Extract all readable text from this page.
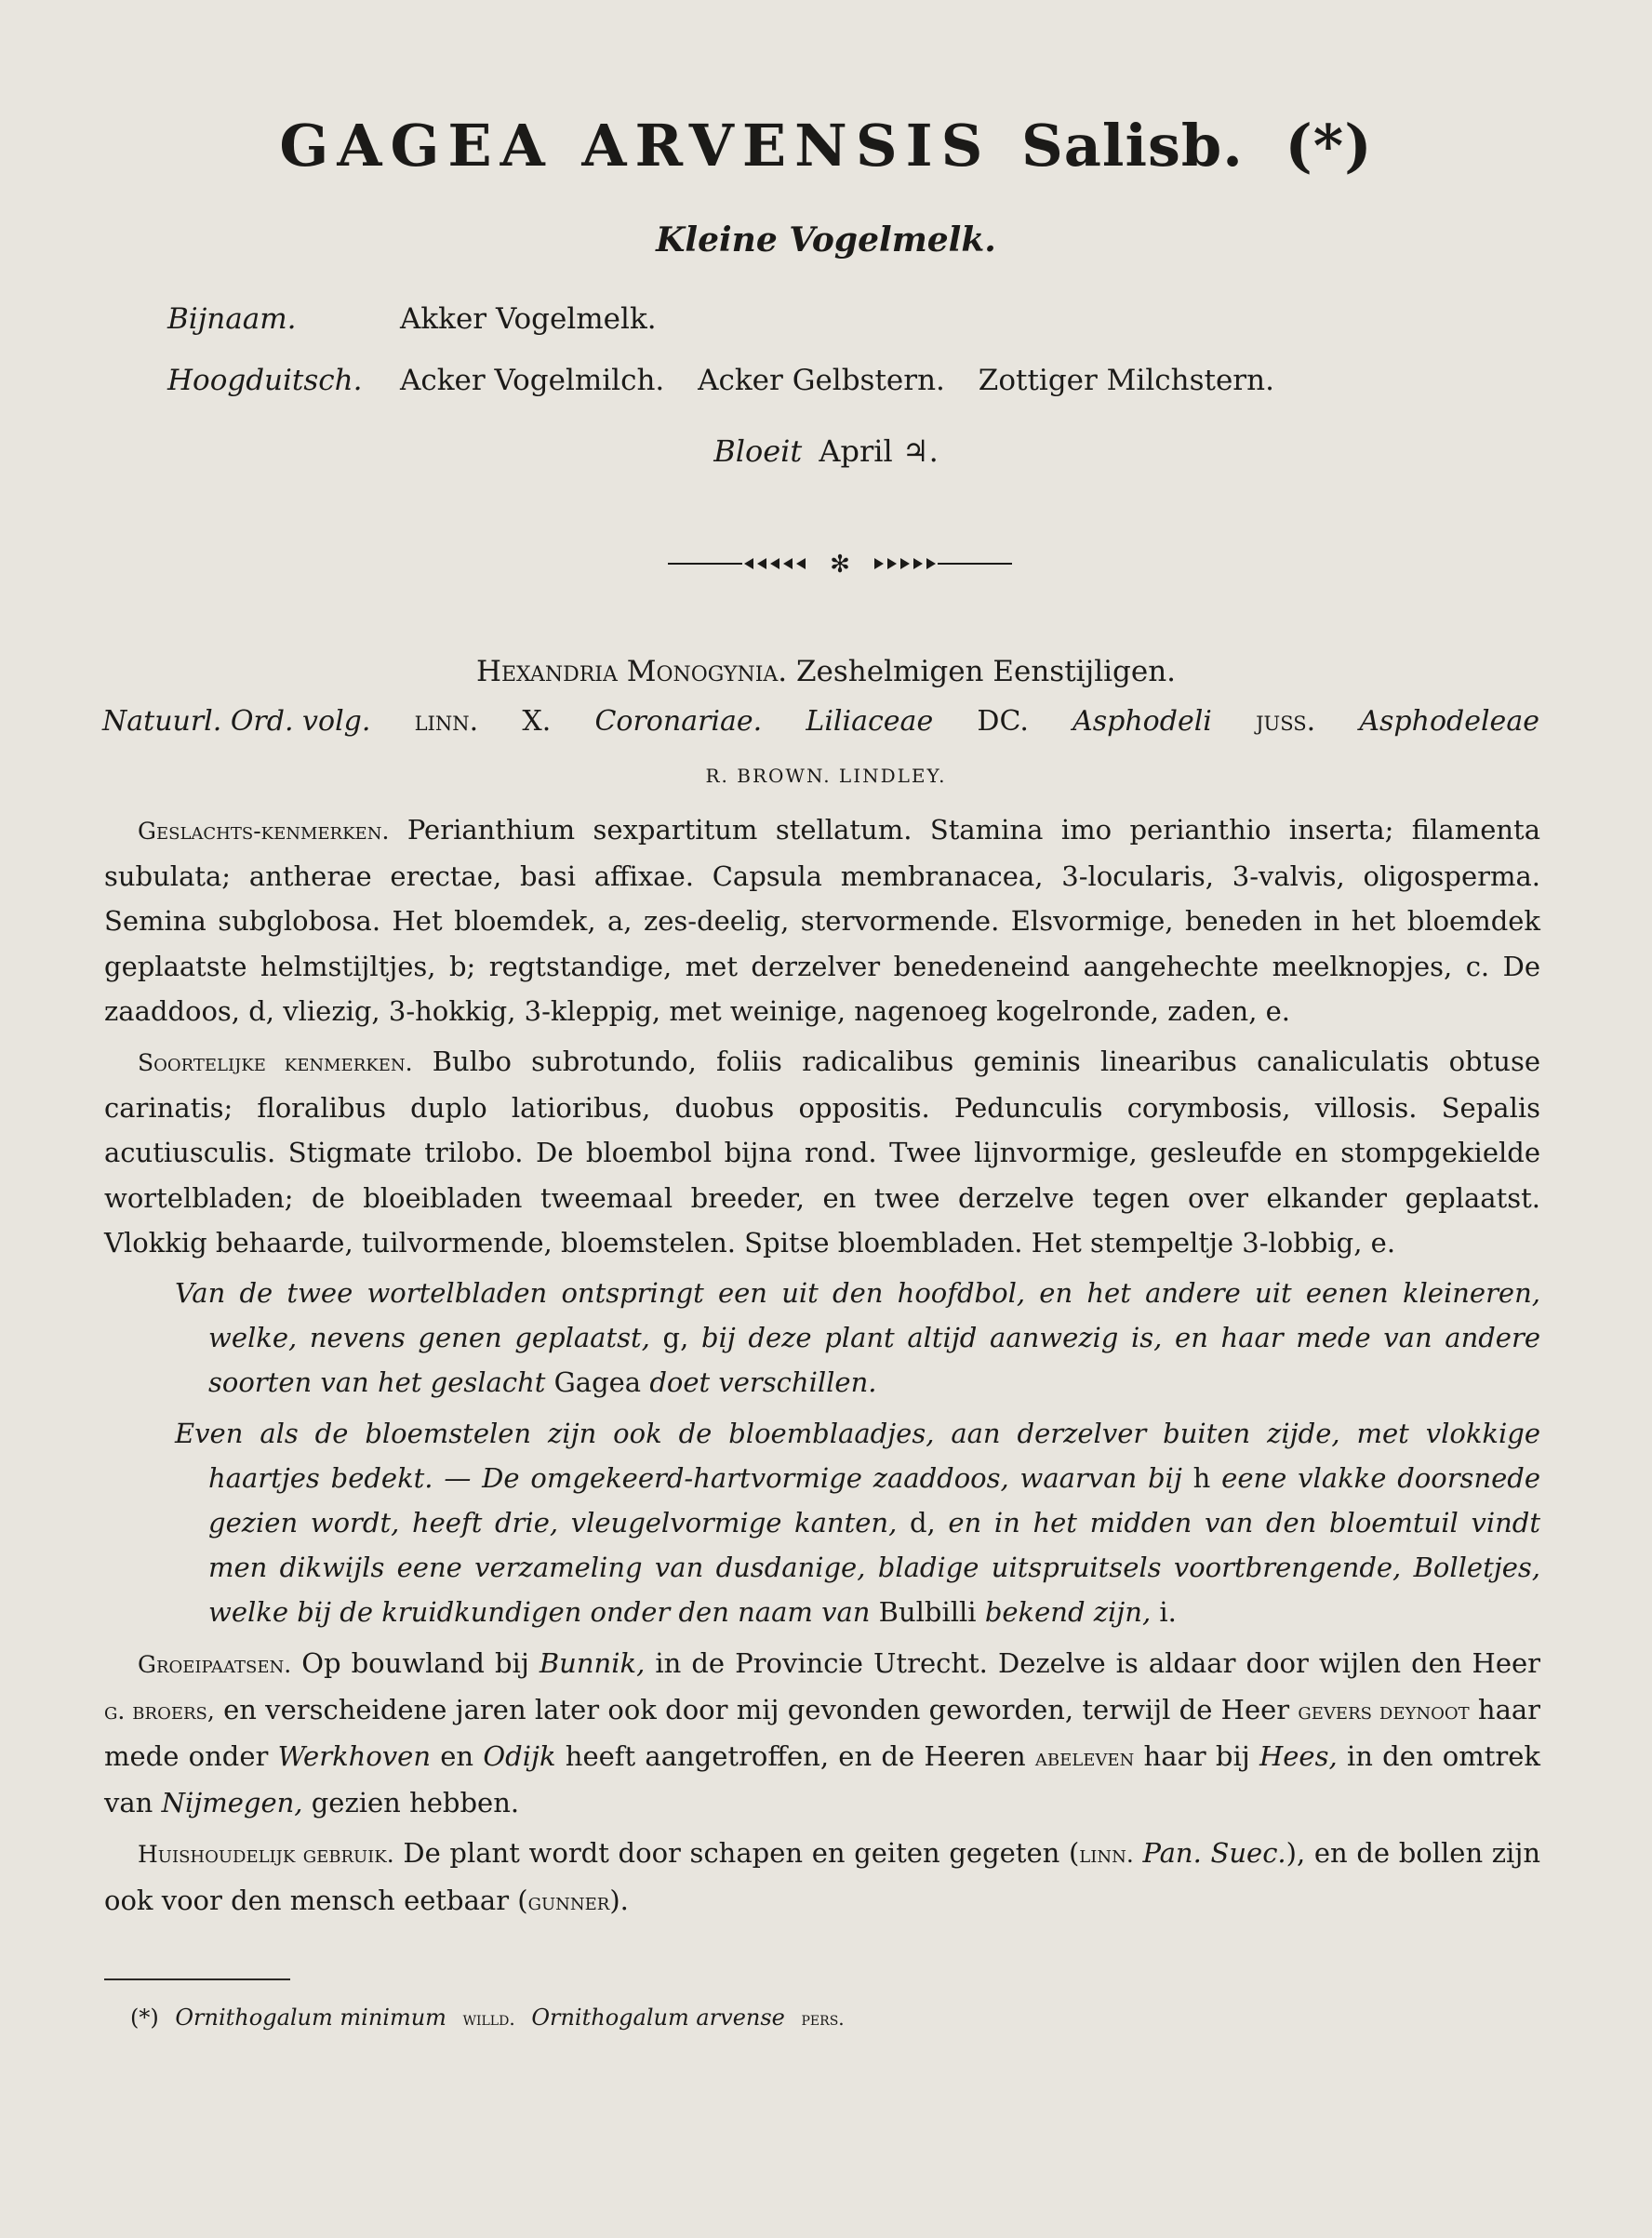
GAGEA ARVENSIS Salisb. (*)
Kleine Vogelmelk.
Bijnaam.	Akker Vogelmelk.
Hoogduitsch.	Acker Vogelmilch. Acker Gelbstern. Zottiger Milchstern.
Bloeit April ♃.
✻
Hexandria Monogynia. Zeshelmigen Eenstijligen.
Natuurl. Ord. volg. linn. X. Coronariae. Liliaceae DC. Asphodeli juss. Asphodeleae
R. BROWN. LINDLEY.

Geslachts-kenmerken. Perianthium sexpartitum stellatum. Stamina imo perianthio inserta; filamenta subulata; antherae erectae, basi affixae. Capsula membranacea, 3-locularis, 3-valvis, oligosperma. Semina subglobosa. Het bloemdek, a, zes-deelig, stervormende. Elsvormige, beneden in het bloemdek geplaatste helmstijltjes, b; regtstandige, met derzelver benedeneind aangehechte meelknopjes, c. De zaaddoos, d, vliezig, 3-hokkig, 3-kleppig, met weinige, nagenoeg kogelronde, zaden, e.

Soortelijke kenmerken. Bulbo subrotundo, foliis radicalibus geminis linearibus canaliculatis obtuse carinatis; floralibus duplo latioribus, duobus oppositis. Pedunculis corymbosis, villosis. Sepalis acutiusculis. Stigmate trilobo. De bloembol bijna rond. Twee lijnvormige, gesleufde en stompgekielde wortelbladen; de bloeibladen tweemaal breeder, en twee derzelve tegen over elkander geplaatst. Vlokkig behaarde, tuilvormende, bloemstelen. Spitse bloembladen. Het stempeltje 3-lobbig, e.

Van de twee wortelbladen ontspringt een uit den hoofdbol, en het andere uit eenen kleineren, welke, nevens genen geplaatst, g, bij deze plant altijd aanwezig is, en haar mede van andere soorten van het geslacht Gagea doet verschillen.

Even als de bloemstelen zijn ook de bloemblaadjes, aan derzelver buiten zijde, met vlokkige haartjes bedekt. — De omgekeerd-hartvormige zaaddoos, waarvan bij h eene vlakke doorsnede gezien wordt, heeft drie, vleugelvormige kanten, d, en in het midden van den bloemtuil vindt men dikwijls eene verzameling van dusdanige, bladige uitspruitsels voortbrengende, Bolletjes, welke bij de kruidkundigen onder den naam van Bulbilli bekend zijn, i.

Groeipaatsen. Op bouwland bij Bunnik, in de Provincie Utrecht. Dezelve is aldaar door wijlen den Heer g. broers, en verscheidene jaren later ook door mij gevonden geworden, terwijl de Heer gevers deynoot haar mede onder Werkhoven en Odijk heeft aangetroffen, en de Heeren abeleven haar bij Hees, in den omtrek van Nijmegen, gezien hebben.

Huishoudelijk gebruik. De plant wordt door schapen en geiten gegeten (linn. Pan. Suec.), en de bollen zijn ook voor den mensch eetbaar (gunner).

(*) Ornithogalum minimum willd. Ornithogalum arvense pers.
